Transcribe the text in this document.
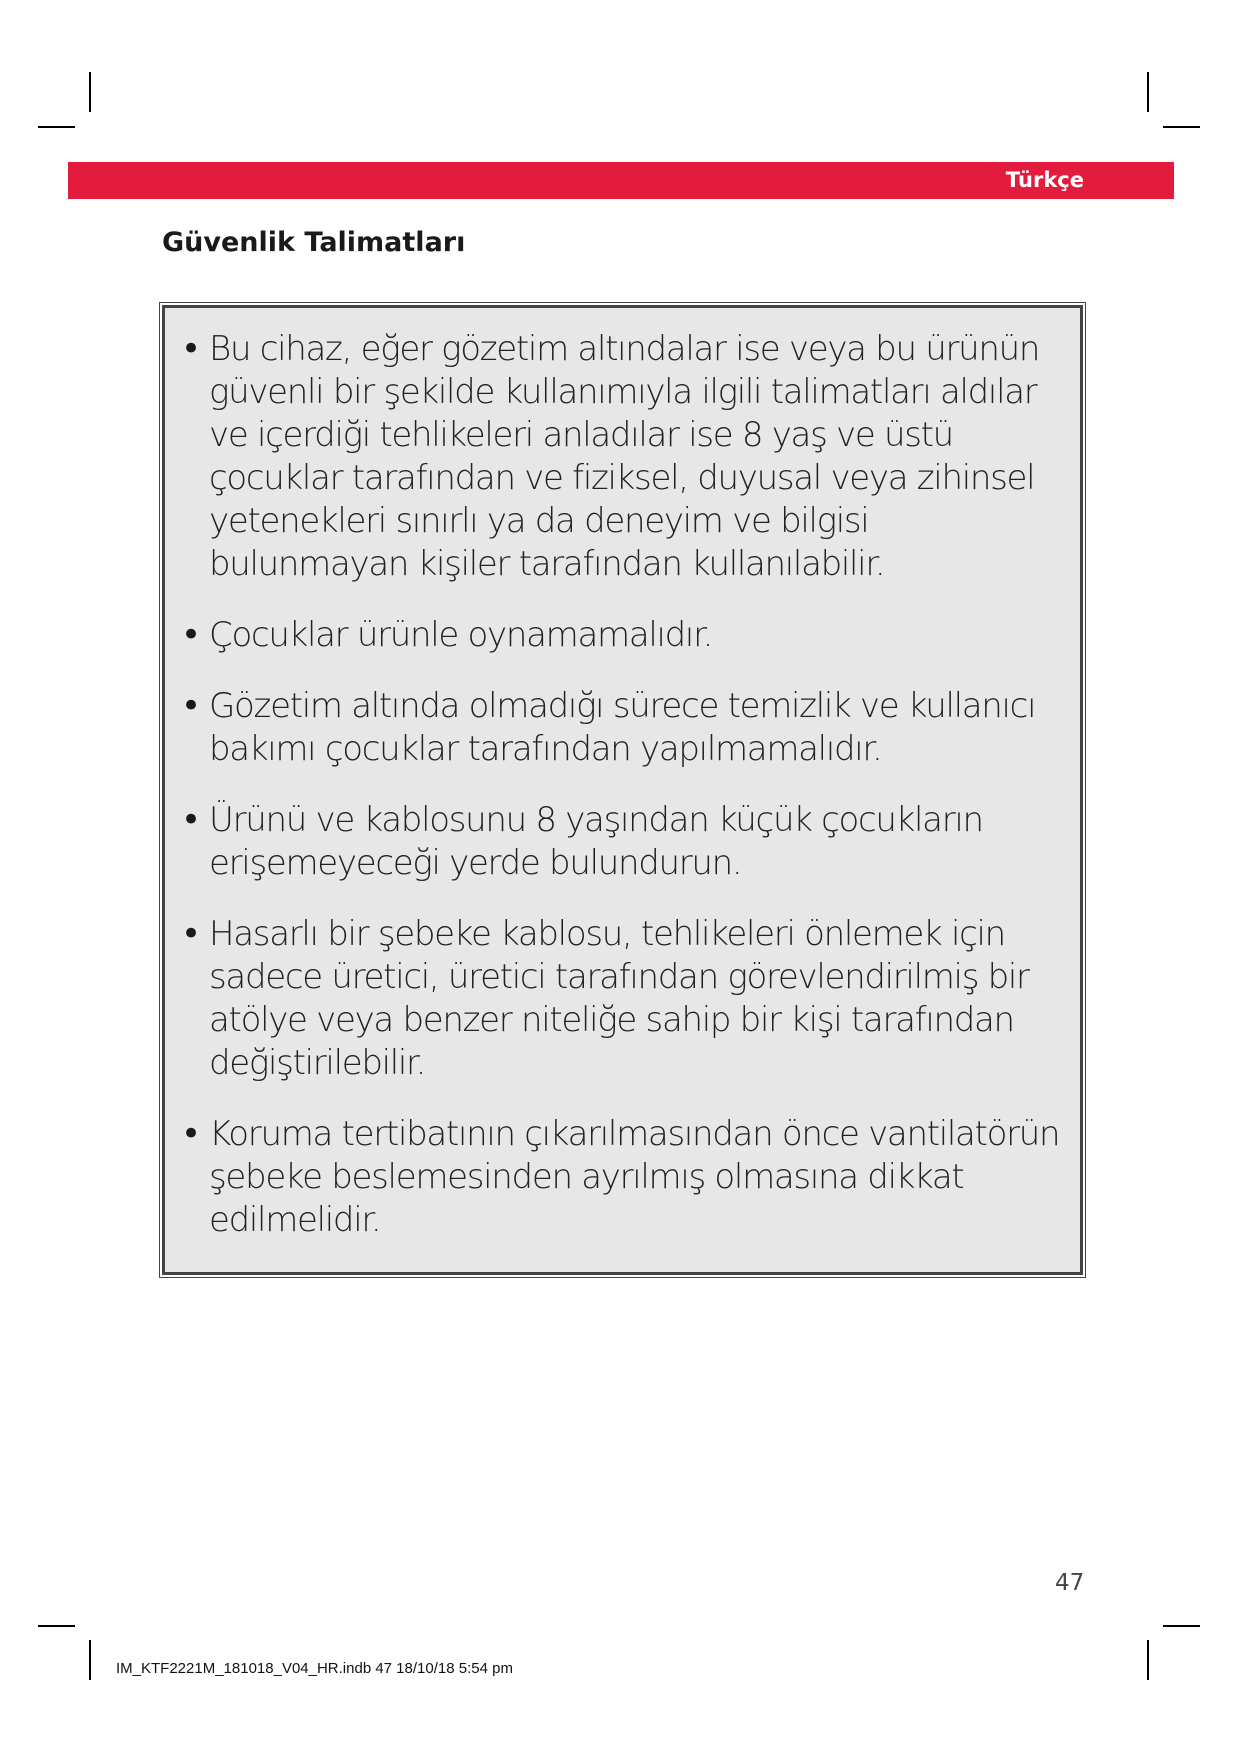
Türkçe
Güvenlik Talimatları
• Bu cihaz, eğer gözetim altındalar ise veya bu ürünün güvenli bir şekilde kullanımıyla ilgili talimatları aldılar ve içerdiği tehlikeleri anladılar ise 8 yaş ve üstü çocuklar tarafından ve fiziksel, duyusal veya zihinsel yetenekleri sınırlı ya da deneyim ve bilgisi bulunmayan kişiler tarafından kullanılabilir.
• Çocuklar ürünle oynamamalıdır.
• Gözetim altında olmadığı sürece temizlik ve kullanıcı bakımı çocuklar tarafından yapılmamalıdır.
• Ürünü ve kablosunu 8 yaşından küçük çocukların erişemeyeceği yerde bulundurun.
• Hasarlı bir şebeke kablosu, tehlikeleri önlemek için sadece üretici, üretici tarafından görevlendirilmiş bir atölye veya benzer niteliğe sahip bir kişi tarafından değiştirilebilir.
• Koruma tertibatının çıkarılmasından önce vantilatörün şebeke beslemesinden ayrılmış olmasına dikkat edilmelidir.
47
IM_KTF2221M_181018_V04_HR.indb 47 18/10/18 5:54 pm
